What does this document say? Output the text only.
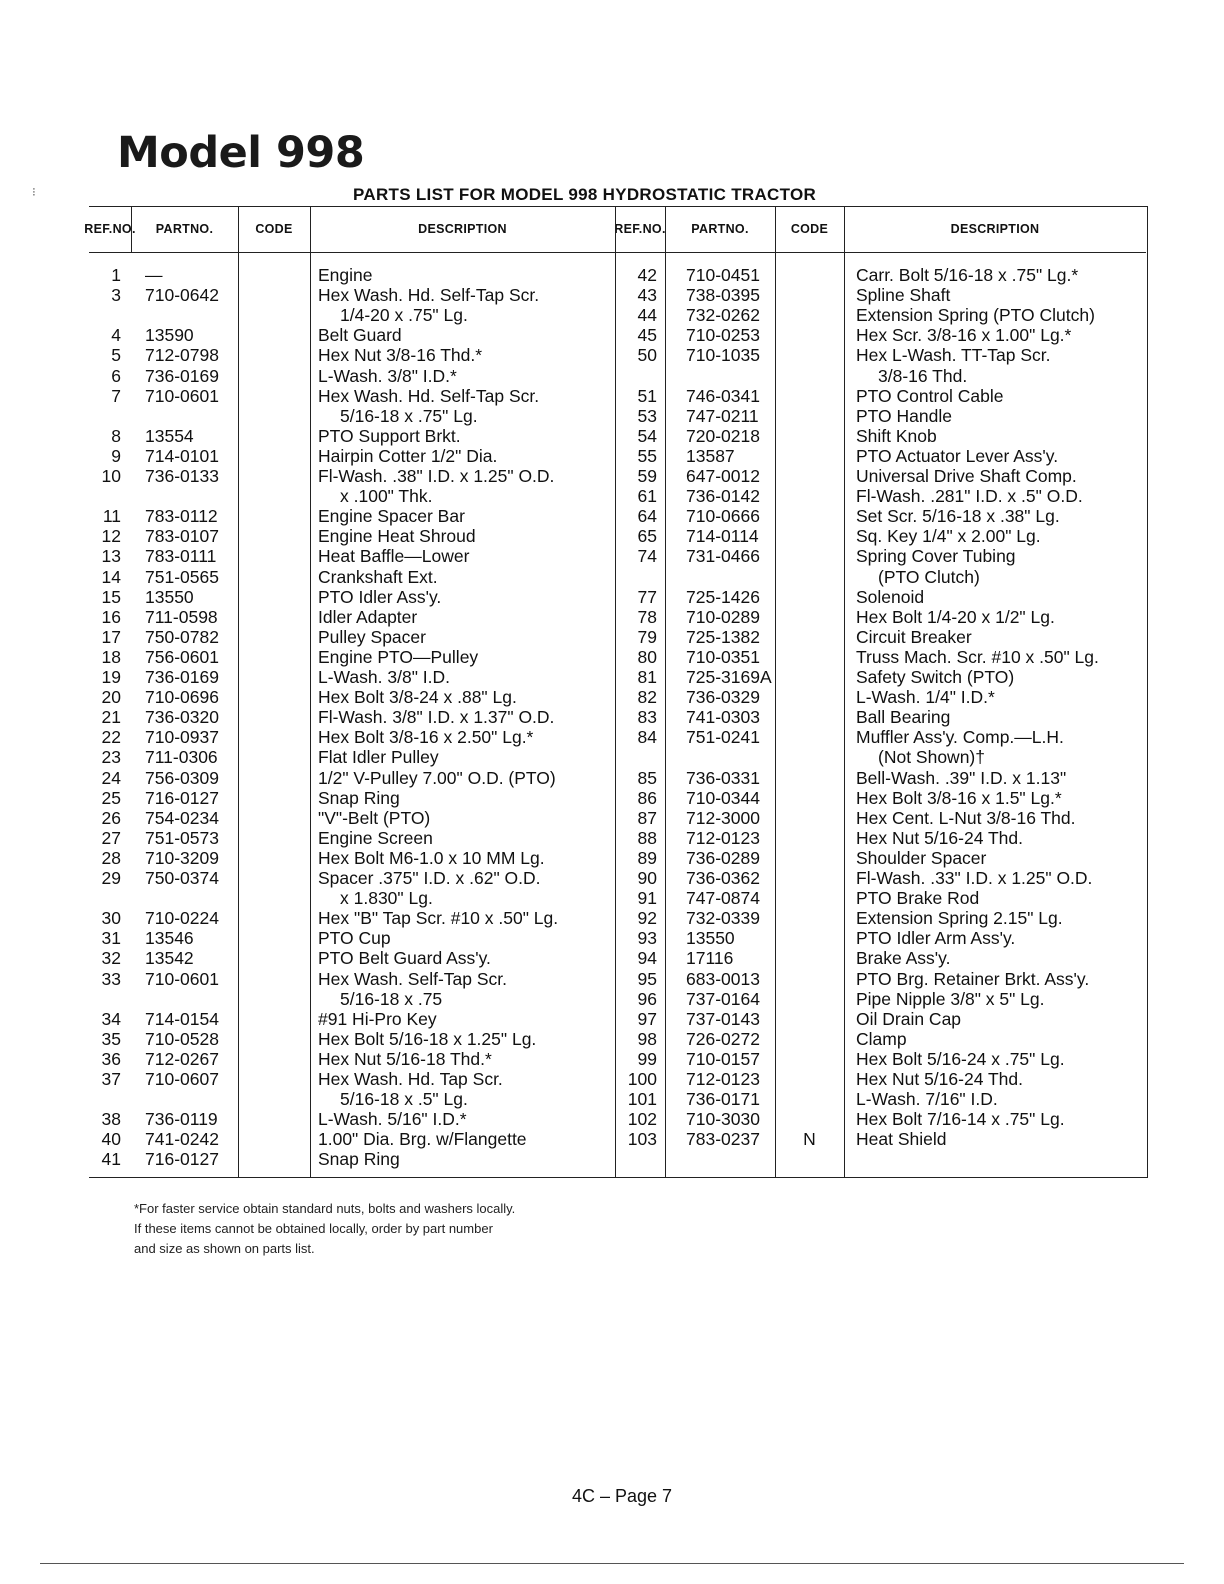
⁝
Model 998
PARTS LIST FOR MODEL 998 HYDROSTATIC TRACTOR
REF. NO. PART NO.	CODE	DESCRIPTION	REF. NO. PART NO.	CODE	DESCRIPTION
1 —	Engine
3 710-0642	Hex Wash. Hd. Self-Tap Scr.
1/4-20 x .75" Lg.
4 13590	Belt Guard
5 712-0798	Hex Nut 3/8-16 Thd.*
6 736-0169	L-Wash. 3/8" I.D.*
7 710-0601	Hex Wash. Hd. Self-Tap Scr.
5/16-18 x .75" Lg.
8 13554	PTO Support Brkt.
9 714-0101	Hairpin Cotter 1/2" Dia.
10 736-0133	Fl-Wash. .38" I.D. x 1.25" O.D.
x .100" Thk.
11 783-0112	Engine Spacer Bar
12 783-0107	Engine Heat Shroud
13 783-0111	Heat Baffle—Lower
14 751-0565	Crankshaft Ext.
15 13550	PTO Idler Ass'y.
16 711-0598	Idler Adapter
17 750-0782	Pulley Spacer
18 756-0601	Engine PTO—Pulley
19 736-0169	L-Wash. 3/8" I.D.
20 710-0696	Hex Bolt 3/8-24 x .88" Lg.
21 736-0320	Fl-Wash. 3/8" I.D. x 1.37" O.D.
22 710-0937	Hex Bolt 3/8-16 x 2.50" Lg.*
23 711-0306	Flat Idler Pulley
24 756-0309	1/2" V-Pulley 7.00" O.D. (PTO)
25 716-0127	Snap Ring
26 754-0234	"V"-Belt (PTO)
27 751-0573	Engine Screen
28 710-3209	Hex Bolt M6-1.0 x 10 MM Lg.
29 750-0374	Spacer .375" I.D. x .62" O.D.
x 1.830" Lg.
30 710-0224	Hex "B" Tap Scr. #10 x .50" Lg.
31 13546	PTO Cup
32 13542	PTO Belt Guard Ass'y.
33 710-0601	Hex Wash. Self-Tap Scr.
5/16-18 x .75
34 714-0154	#91 Hi-Pro Key
35 710-0528	Hex Bolt 5/16-18 x 1.25" Lg.
36 712-0267	Hex Nut 5/16-18 Thd.*
37 710-0607	Hex Wash. Hd. Tap Scr.
5/16-18 x .5" Lg.
38 736-0119	L-Wash. 5/16" I.D.*
40 741-0242	1.00" Dia. Brg. w/Flangette
41 716-0127	Snap Ring
42 710-0451	Carr. Bolt 5/16-18 x .75" Lg.*
43 738-0395	Spline Shaft
44 732-0262	Extension Spring (PTO Clutch)
45 710-0253	Hex Scr. 3/8-16 x 1.00" Lg.*
50 710-1035	Hex L-Wash. TT-Tap Scr.
3/8-16 Thd.
51 746-0341	PTO Control Cable
53 747-0211	PTO Handle
54 720-0218	Shift Knob
55 13587	PTO Actuator Lever Ass'y.
59 647-0012	Universal Drive Shaft Comp.
61 736-0142	Fl-Wash. .281" I.D. x .5" O.D.
64 710-0666	Set Scr. 5/16-18 x .38" Lg.
65 714-0114	Sq. Key 1/4" x 2.00" Lg.
74 731-0466	Spring Cover Tubing
(PTO Clutch)
77 725-1426	Solenoid
78 710-0289	Hex Bolt 1/4-20 x 1/2" Lg.
79 725-1382	Circuit Breaker
80 710-0351	Truss Mach. Scr. #10 x .50" Lg.
81 725-3169A	Safety Switch (PTO)
82 736-0329	L-Wash. 1/4" I.D.*
83 741-0303	Ball Bearing
84 751-0241	Muffler Ass'y. Comp.—L.H.
(Not Shown)†
85 736-0331	Bell-Wash. .39" I.D. x 1.13"
86 710-0344	Hex Bolt 3/8-16 x 1.5" Lg.*
87 712-3000	Hex Cent. L-Nut 3/8-16 Thd.
88 712-0123	Hex Nut 5/16-24 Thd.
89 736-0289	Shoulder Spacer
90 736-0362	Fl-Wash. .33" I.D. x 1.25" O.D.
91 747-0874	PTO Brake Rod
92 732-0339	Extension Spring 2.15" Lg.
93 13550	PTO Idler Arm Ass'y.
94 17116	Brake Ass'y.
95 683-0013	PTO Brg. Retainer Brkt. Ass'y.
96 737-0164	Pipe Nipple 3/8" x 5" Lg.
97 737-0143	Oil Drain Cap
98 726-0272	Clamp
99 710-0157	Hex Bolt 5/16-24 x .75" Lg.
100 712-0123	Hex Nut 5/16-24 Thd.
101 736-0171	L-Wash. 7/16" I.D.
102 710-3030	Hex Bolt 7/16-14 x .75" Lg.
103 783-0237	N	Heat Shield
*For faster service obtain standard nuts, bolts and washers locally.
If these items cannot be obtained locally, order by part number
and size as shown on parts list.
4C – Page 7
